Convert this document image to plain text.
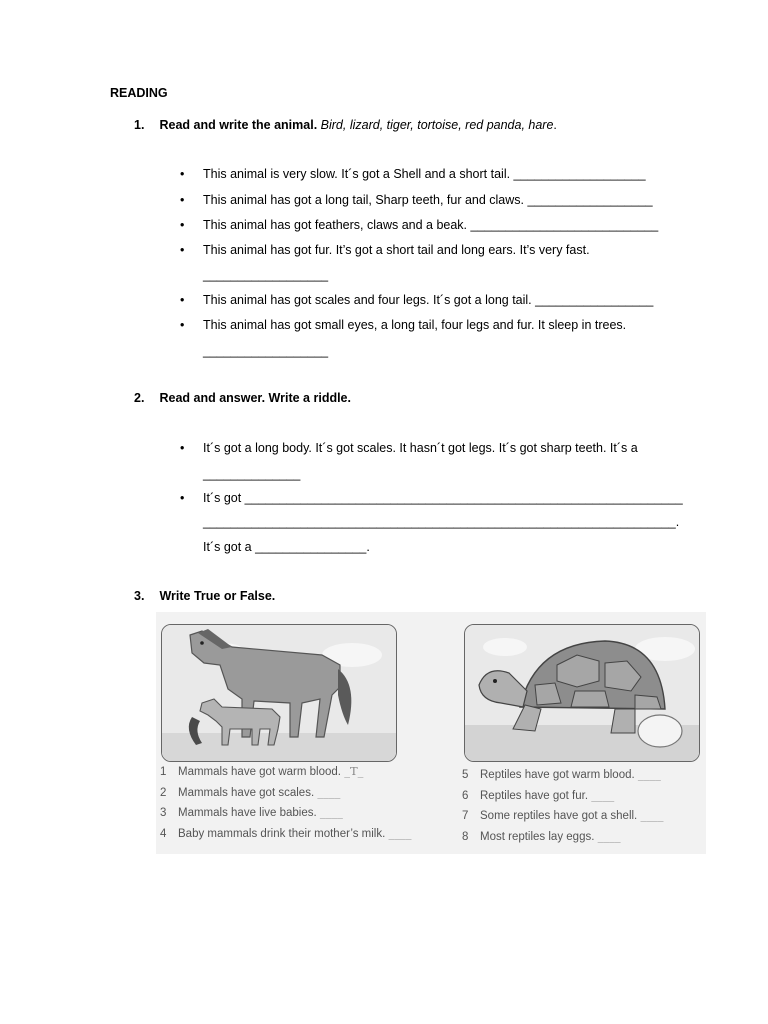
READING
1. Read and write the animal. Bird, lizard, tiger, tortoise, red panda, hare.
• This animal is very slow. It´s got a Shell and a short tail. ___________________
• This animal has got a long tail, Sharp teeth, fur and claws. __________________
• This animal has got feathers, claws and a beak. ___________________________
• This animal has got fur. It’s got a short tail and long ears. It’s very fast.
__________________
• This animal has got scales and four legs. It´s got a long tail. _________________
• This animal has got small eyes, a long tail, four legs and fur. It sleep in trees.
__________________
2. Read and answer. Write a riddle.
• It´s got a long body. It´s got scales. It hasn´t got legs. It´s got sharp teeth. It´s a
______________
• It´s got _______________________________________________________________
____________________________________________________________________.
It´s got a ________________.
3. Write True or False.
1 Mammals have got warm blood. _T_
2 Mammals have got scales. ____
3 Mammals have live babies. ____
4 Baby mammals drink their mother’s milk. ____
5 Reptiles have got warm blood. ____
6 Reptiles have got fur. ____
7 Some reptiles have got a shell. ____
8 Most reptiles lay eggs. ____
